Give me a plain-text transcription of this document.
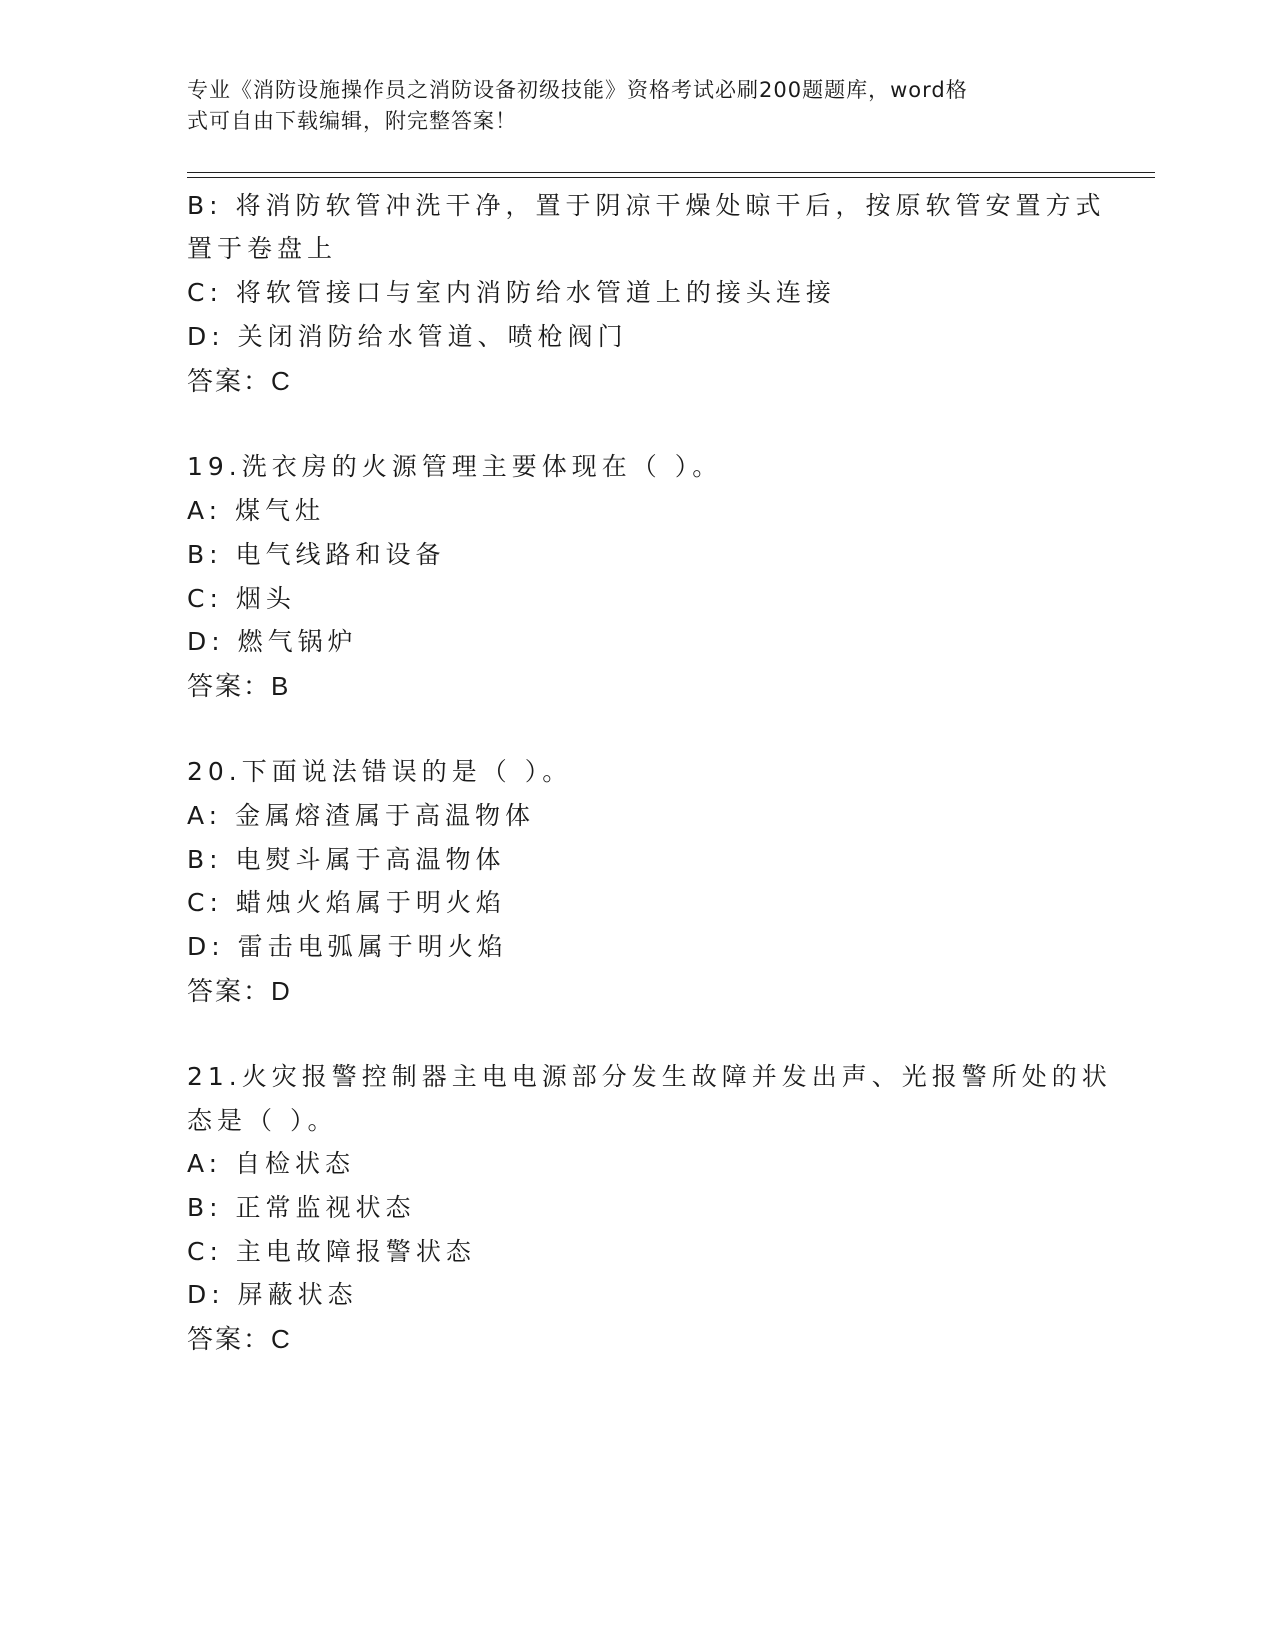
专业《消防设施操作员之消防设备初级技能》资格考试必刷200题题库，word格
式可自由下载编辑，附完整答案！
B: 将消防软管冲洗干净，置于阴凉干燥处晾干后，按原软管安置方式
置于卷盘上
C: 将软管接口与室内消防给水管道上的接头连接
D: 关闭消防给水管道、喷枪阀门
答案：C
19.洗衣房的火源管理主要体现在（ ）。
A: 煤气灶
B: 电气线路和设备
C: 烟头
D: 燃气锅炉
答案：B
20.下面说法错误的是（ ）。
A: 金属熔渣属于高温物体
B: 电熨斗属于高温物体
C: 蜡烛火焰属于明火焰
D: 雷击电弧属于明火焰
答案：D
21.火灾报警控制器主电电源部分发生故障并发出声、光报警所处的状
态是（ ）。
A: 自检状态
B: 正常监视状态
C: 主电故障报警状态
D: 屏蔽状态
答案：C
